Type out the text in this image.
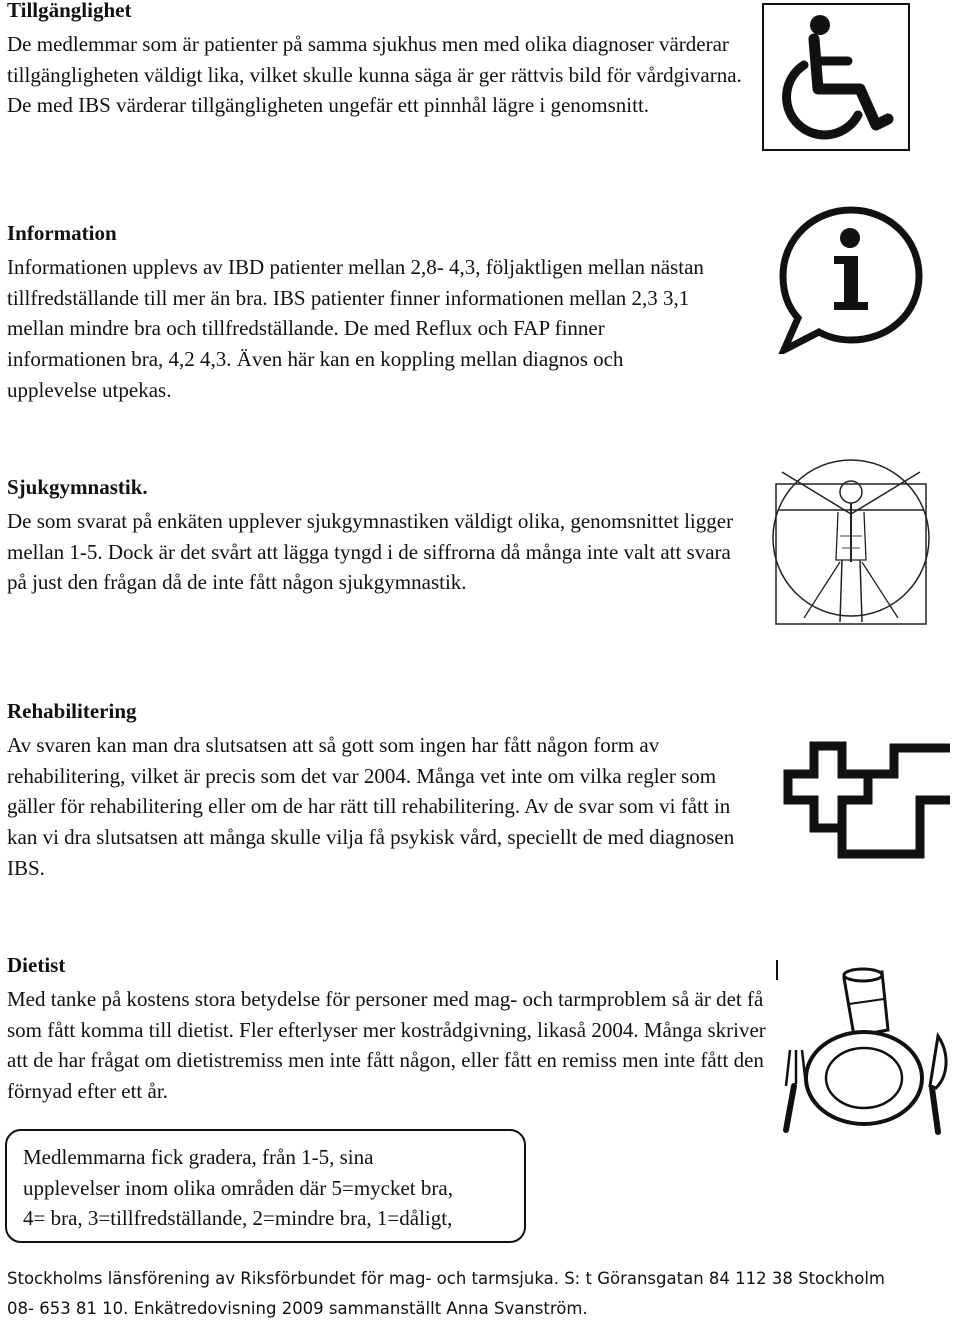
Tillgänglighet

De medlemmar som är patienter på samma sjukhus men med olika diagnoser värderar tillgängligheten väldigt lika, vilket skulle kunna säga är ger rättvis bild för vårdgivarna. De med IBS värderar tillgängligheten ungefär ett pinnhål lägre i genomsnitt.

Information

Informationen upplevs av IBD patienter mellan 2,8- 4,3, följaktligen mellan nästan tillfredställande till mer än bra. IBS patienter finner informationen mellan 2,3 3,1 mellan mindre bra och tillfredställande. De med Reflux och FAP finner informationen bra, 4,2 4,3. Även här kan en koppling mellan diagnos och upplevelse utpekas.

Sjukgymnastik.

De som svarat på enkäten upplever sjukgymnastiken väldigt olika, genomsnittet ligger mellan 1-5. Dock är det svårt att lägga tyngd i de siffrorna då många inte valt att svara på just den frågan då de inte fått någon sjukgymnastik.

Rehabilitering

Av svaren kan man dra slutsatsen att så gott som ingen har fått någon form av rehabilitering, vilket är precis som det var 2004. Många vet inte om vilka regler som gäller för rehabilitering eller om de har rätt till rehabilitering. Av de svar som vi fått in kan vi dra slutsatsen att många skulle vilja få psykisk vård, speciellt de med diagnosen IBS.

Dietist

Med tanke på kostens stora betydelse för personer med mag- och tarmproblem så är det få som fått komma till dietist. Fler efterlyser mer kostrådgivning, likaså 2004. Många skriver att de har frågat om dietistremiss men inte fått någon, eller fått en remiss men inte fått den förnyad efter ett år.

Medlemmarna fick gradera, från 1-5, sina

upplevelser inom olika områden där 5=mycket bra,

4= bra, 3=tillfredställande, 2=mindre bra, 1=dåligt,

Stockholms länsförening av Riksförbundet för mag- och tarmsjuka. S: t Göransgatan 84 112 38 Stockholm

08- 653 81 10. Enkätredovisning 2009 sammanställt Anna Svanström.
